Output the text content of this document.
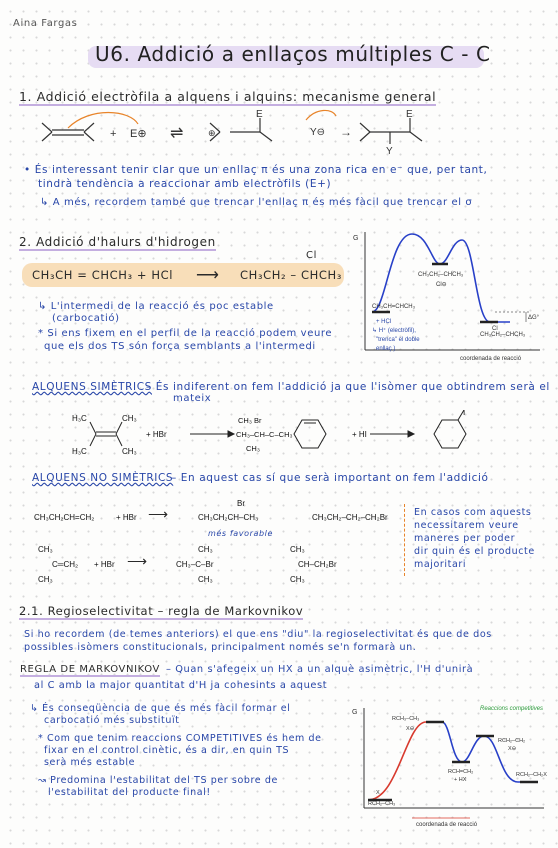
Aina Fargas
U6. Addició a enllaços múltiples C - C
1. Addició electròfila a alquens i alquins: mecanisme general
+ E⊕ ⇌	⊕
E
Y⊖ →
E
Y
• És interessant tenir clar que un enllaç π és una zona rica en e⁻ que, per tant,
tindrà tendència a reaccionar amb electròfils (E+)
↳ A més, recordem també que trencar l'enllaç π és més fàcil que trencar el σ
2. Addició d'halurs d'hidrogen
CH₃CH = CHCH₃ + HCl ⟶ CH₃CH₂ – CHCH₃
Cl
↳ L'intermedi de la reacció és poc estable
(carbocatió)
* Si ens fixem en el perfil de la reacció podem veure
que els dos TS són força semblants a l'intermedi
G
CH₃CH₂–CHCH₃
Cl⊖
CH₃CH=CHCH₃
+ HCl
Cl
CH₃CH₂–CHCH₃
ΔG°
↳ H⁺ (electròfil),
"trenca" el doble
enllaç )
coordenada de reacció
ALQUENS SIMÈTRICS
– És indiferent on fem l'addició ja que l'isòmer que obtindrem serà el
mateix
H₃C	CH₃
H₃C	CH₃
+ HBr
CH₃ Br
CH₃–CH–C–CH₃
CH₃
+ HI
I
ALQUENS NO SIMÈTRICS
– En aquest cas sí que serà important on fem l'addició
CH₃CH₂CH=CH₂	+ HBr ⟶
Br
CH₃CH₂CH–CH₃
més favorable
CH₃CH₂–CH₂–CH₂Br
CH₃
C═CH₂
CH₃
+ HBr ⟶
CH₃
CH₃–C–Br
CH₃
CH₃
CH–CH₂Br
CH₃
En casos com aquests
necessitarem veure
maneres per poder
dir quin és el producte
majoritari
2.1. Regioselectivitat – regla de Markovnikov
Si ho recordem (de temes anteriors) el que ens "diu" la regioselectivitat és que de dos
possibles isòmers constitucionals, principalment només se'n formarà un.
REGLA DE MARKOVNIKOV – Quan s'afegeix un HX a un alquè asimètric, l'H d'unirà
al C amb la major quantitat d'H ja cohesints a aquest
↳ És conseqüència de que és més fàcil formar el
carbocatió més substituït
* Com que tenim reaccions COMPETITIVES és hem de
fixar en el control cinètic, és a dir, en quin TS
serà més estable
↝ Predomina l'estabilitat del TS per sobre de
l'estabilitat del producte final!
Reaccions competitives
G
RCH₃–CH₃
X⊖
RCH₂–CH₂
X⊖
RCH=CH₂
+ HX
X
RCH₂–CH₃
RCH₂–CH₂X
coordenada de reacció
